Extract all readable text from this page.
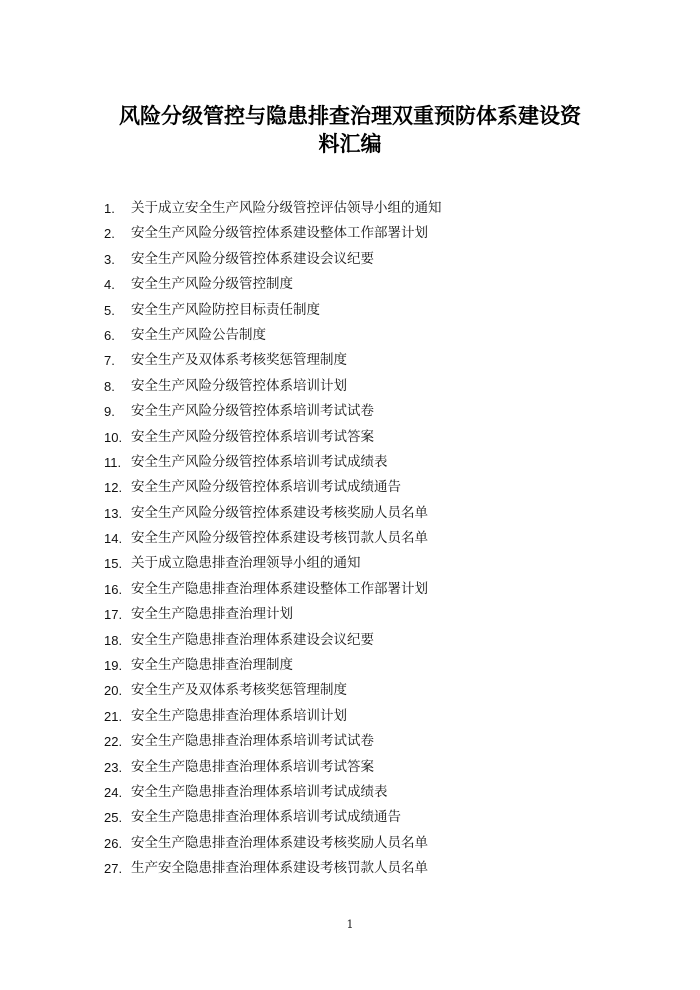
风险分级管控与隐患排查治理双重预防体系建设资
料汇编
1. 关于成立安全生产风险分级管控评估领导小组的通知
2. 安全生产风险分级管控体系建设整体工作部署计划
3. 安全生产风险分级管控体系建设会议纪要
4. 安全生产风险分级管控制度
5. 安全生产风险防控目标责任制度
6. 安全生产风险公告制度
7. 安全生产及双体系考核奖惩管理制度
8. 安全生产风险分级管控体系培训计划
9. 安全生产风险分级管控体系培训考试试卷
10. 安全生产风险分级管控体系培训考试答案
11. 安全生产风险分级管控体系培训考试成绩表
12. 安全生产风险分级管控体系培训考试成绩通告
13. 安全生产风险分级管控体系建设考核奖励人员名单
14. 安全生产风险分级管控体系建设考核罚款人员名单
15. 关于成立隐患排查治理领导小组的通知
16. 安全生产隐患排查治理体系建设整体工作部署计划
17. 安全生产隐患排查治理计划
18. 安全生产隐患排查治理体系建设会议纪要
19. 安全生产隐患排查治理制度
20. 安全生产及双体系考核奖惩管理制度
21. 安全生产隐患排查治理体系培训计划
22. 安全生产隐患排查治理体系培训考试试卷
23. 安全生产隐患排查治理体系培训考试答案
24. 安全生产隐患排查治理体系培训考试成绩表
25. 安全生产隐患排查治理体系培训考试成绩通告
26. 安全生产隐患排查治理体系建设考核奖励人员名单
27. 生产安全隐患排查治理体系建设考核罚款人员名单
1
